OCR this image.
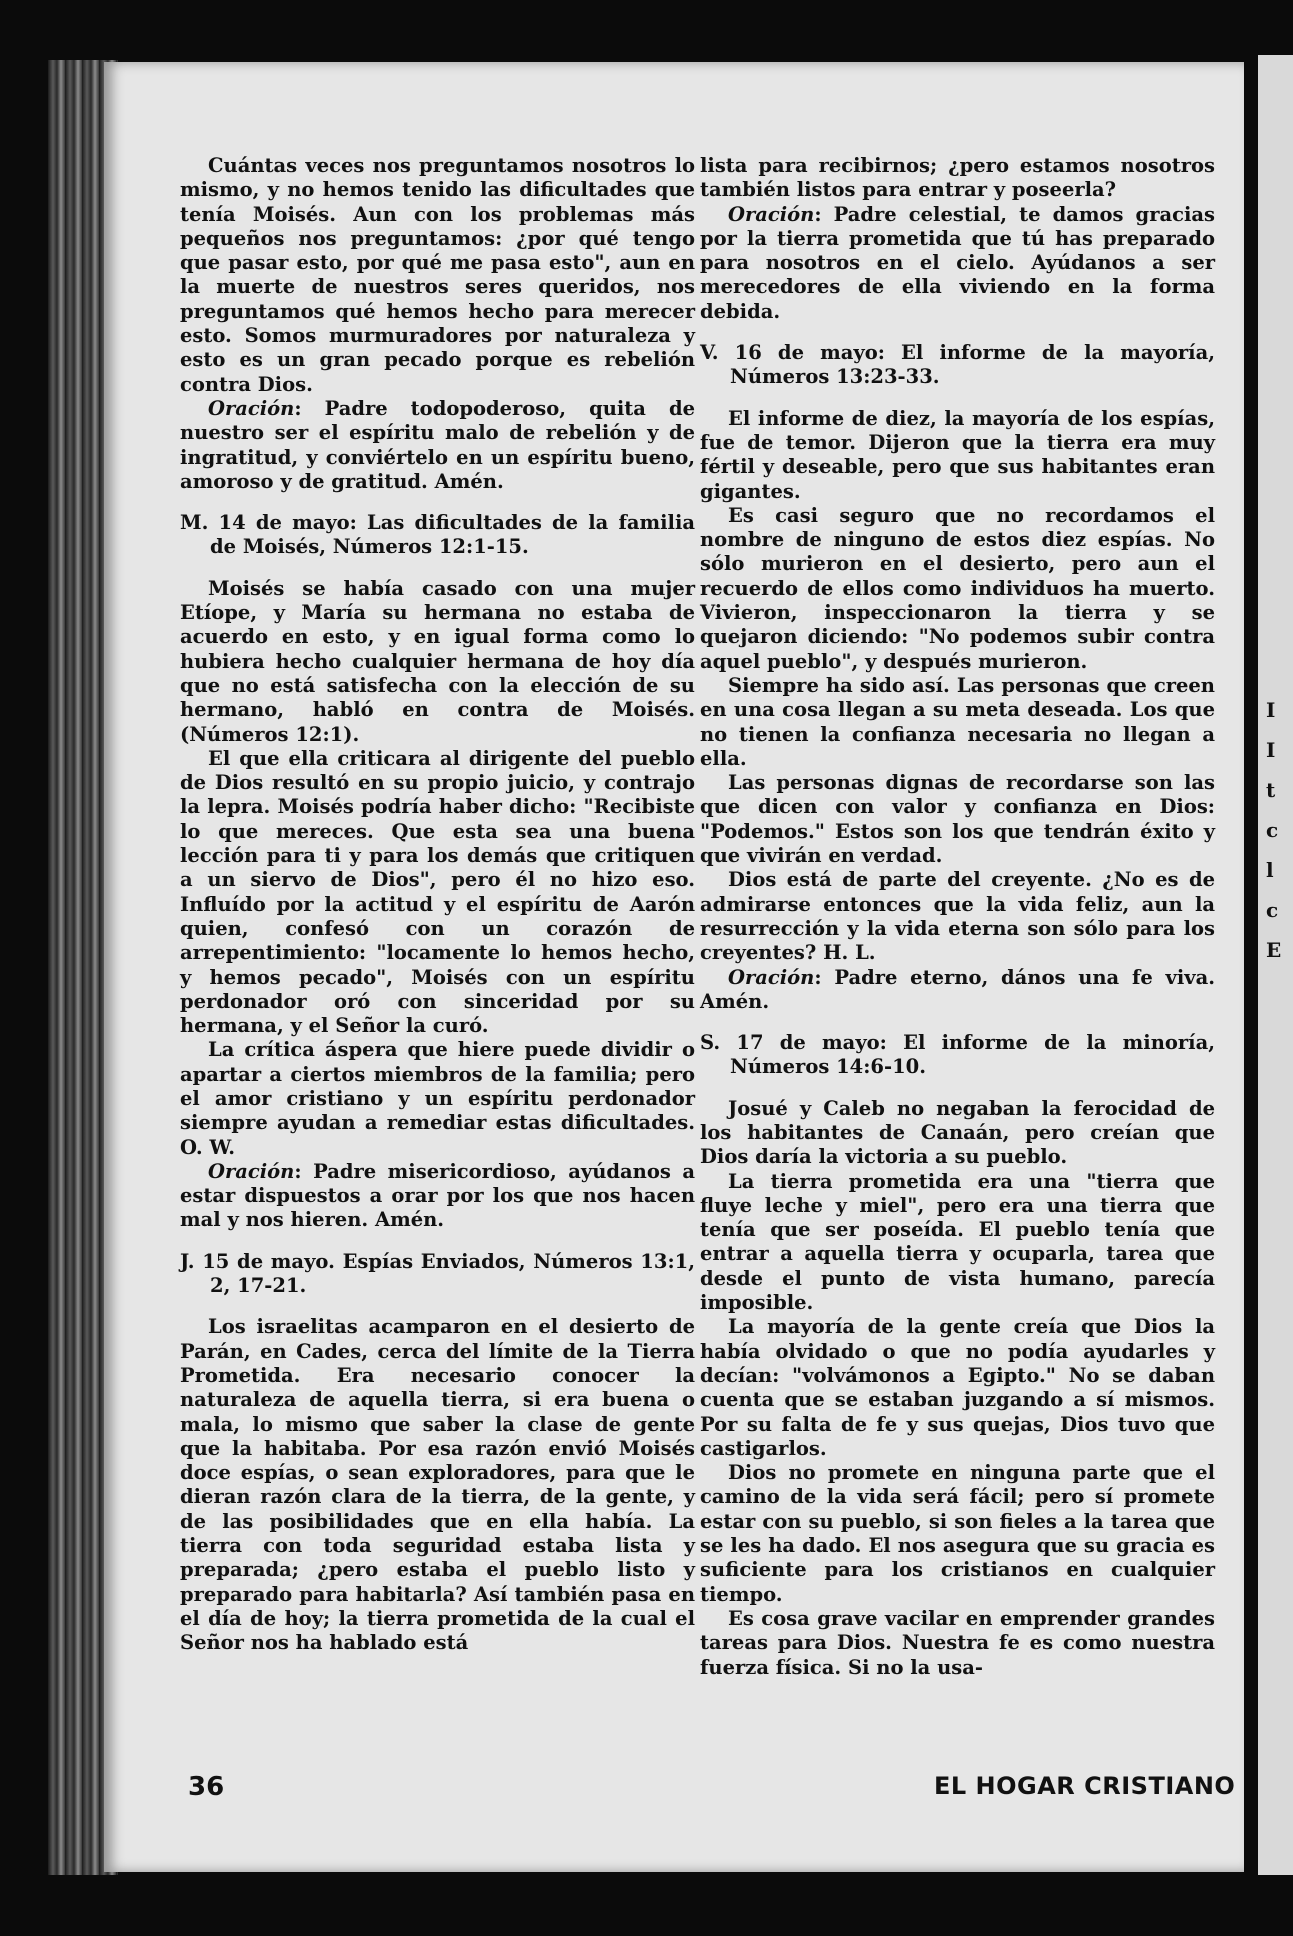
Cuántas veces nos preguntamos nosotros lo mismo, y no hemos tenido las dificultades que tenía Moisés. Aun con los problemas más pequeños nos preguntamos: ¿por qué tengo que pasar esto, por qué me pasa esto", aun en la muerte de nuestros seres queridos, nos preguntamos qué hemos hecho para merecer esto. Somos murmuradores por naturaleza y esto es un gran pecado porque es rebelión contra Dios.

Oración: Padre todopoderoso, quita de nuestro ser el espíritu malo de rebelión y de ingratitud, y conviértelo en un espíritu bueno, amoroso y de gratitud. Amén.

M. 14 de mayo: Las dificultades de la familia de Moisés, Números 12:1-15.

Moisés se había casado con una mujer Etíope, y María su hermana no estaba de acuerdo en esto, y en igual forma como lo hubiera hecho cualquier hermana de hoy día que no está satisfecha con la elección de su hermano, habló en contra de Moisés. (Números 12:1).

El que ella criticara al dirigente del pueblo de Dios resultó en su propio juicio, y contrajo la lepra. Moisés podría haber dicho: "Recibiste lo que mereces. Que esta sea una buena lección para ti y para los demás que critiquen a un siervo de Dios", pero él no hizo eso. Influído por la actitud y el espíritu de Aarón quien, confesó con un corazón de arrepentimiento: "locamente lo hemos hecho, y hemos pecado", Moisés con un espíritu perdonador oró con sinceridad por su hermana, y el Señor la curó.

La crítica áspera que hiere puede dividir o apartar a ciertos miembros de la familia; pero el amor cristiano y un espíritu perdonador siempre ayudan a remediar estas dificultades. O. W.

Oración: Padre misericordioso, ayúdanos a estar dispuestos a orar por los que nos hacen mal y nos hieren. Amén.

J. 15 de mayo. Espías Enviados, Números 13:1, 2, 17-21.

Los israelitas acamparon en el desierto de Parán, en Cades, cerca del límite de la Tierra Prometida. Era necesario conocer la naturaleza de aquella tierra, si era buena o mala, lo mismo que saber la clase de gente que la habitaba. Por esa razón envió Moisés doce espías, o sean exploradores, para que le dieran razón clara de la tierra, de la gente, y de las posibilidades que en ella había. La tierra con toda seguridad estaba lista y preparada; ¿pero estaba el pueblo listo y preparado para habitarla? Así también pasa en el día de hoy; la tierra prometida de la cual el Señor nos ha hablado está

lista para recibirnos; ¿pero estamos nosotros también listos para entrar y poseerla?

Oración: Padre celestial, te damos gracias por la tierra prometida que tú has preparado para nosotros en el cielo. Ayúdanos a ser merecedores de ella viviendo en la forma debida.

V. 16 de mayo: El informe de la mayoría, Números 13:23-33.

El informe de diez, la mayoría de los espías, fue de temor. Dijeron que la tierra era muy fértil y deseable, pero que sus habitantes eran gigantes.

Es casi seguro que no recordamos el nombre de ninguno de estos diez espías. No sólo murieron en el desierto, pero aun el recuerdo de ellos como individuos ha muerto. Vivieron, inspeccionaron la tierra y se quejaron diciendo: "No podemos subir contra aquel pueblo", y después murieron.

Siempre ha sido así. Las personas que creen en una cosa llegan a su meta deseada. Los que no tienen la confianza necesaria no llegan a ella.

Las personas dignas de recordarse son las que dicen con valor y confianza en Dios: "Podemos." Estos son los que tendrán éxito y que vivirán en verdad.

Dios está de parte del creyente. ¿No es de admirarse entonces que la vida feliz, aun la resurrección y la vida eterna son sólo para los creyentes? H. L.

Oración: Padre eterno, dános una fe viva. Amén.

S. 17 de mayo: El informe de la minoría, Números 14:6-10.

Josué y Caleb no negaban la ferocidad de los habitantes de Canaán, pero creían que Dios daría la victoria a su pueblo.

La tierra prometida era una "tierra que fluye leche y miel", pero era una tierra que tenía que ser poseída. El pueblo tenía que entrar a aquella tierra y ocuparla, tarea que desde el punto de vista humano, parecía imposible.

La mayoría de la gente creía que Dios la había olvidado o que no podía ayudarles y decían: "volvámonos a Egipto." No se daban cuenta que se estaban juzgando a sí mismos. Por su falta de fe y sus quejas, Dios tuvo que castigarlos.

Dios no promete en ninguna parte que el camino de la vida será fácil; pero sí promete estar con su pueblo, si son fieles a la tarea que se les ha dado. El nos asegura que su gracia es suficiente para los cristianos en cualquier tiempo.

Es cosa grave vacilar en emprender grandes tareas para Dios. Nuestra fe es como nuestra fuerza física. Si no la usa-

36	EL HOGAR CRISTIANO
I
I
t
c
l
c
E
